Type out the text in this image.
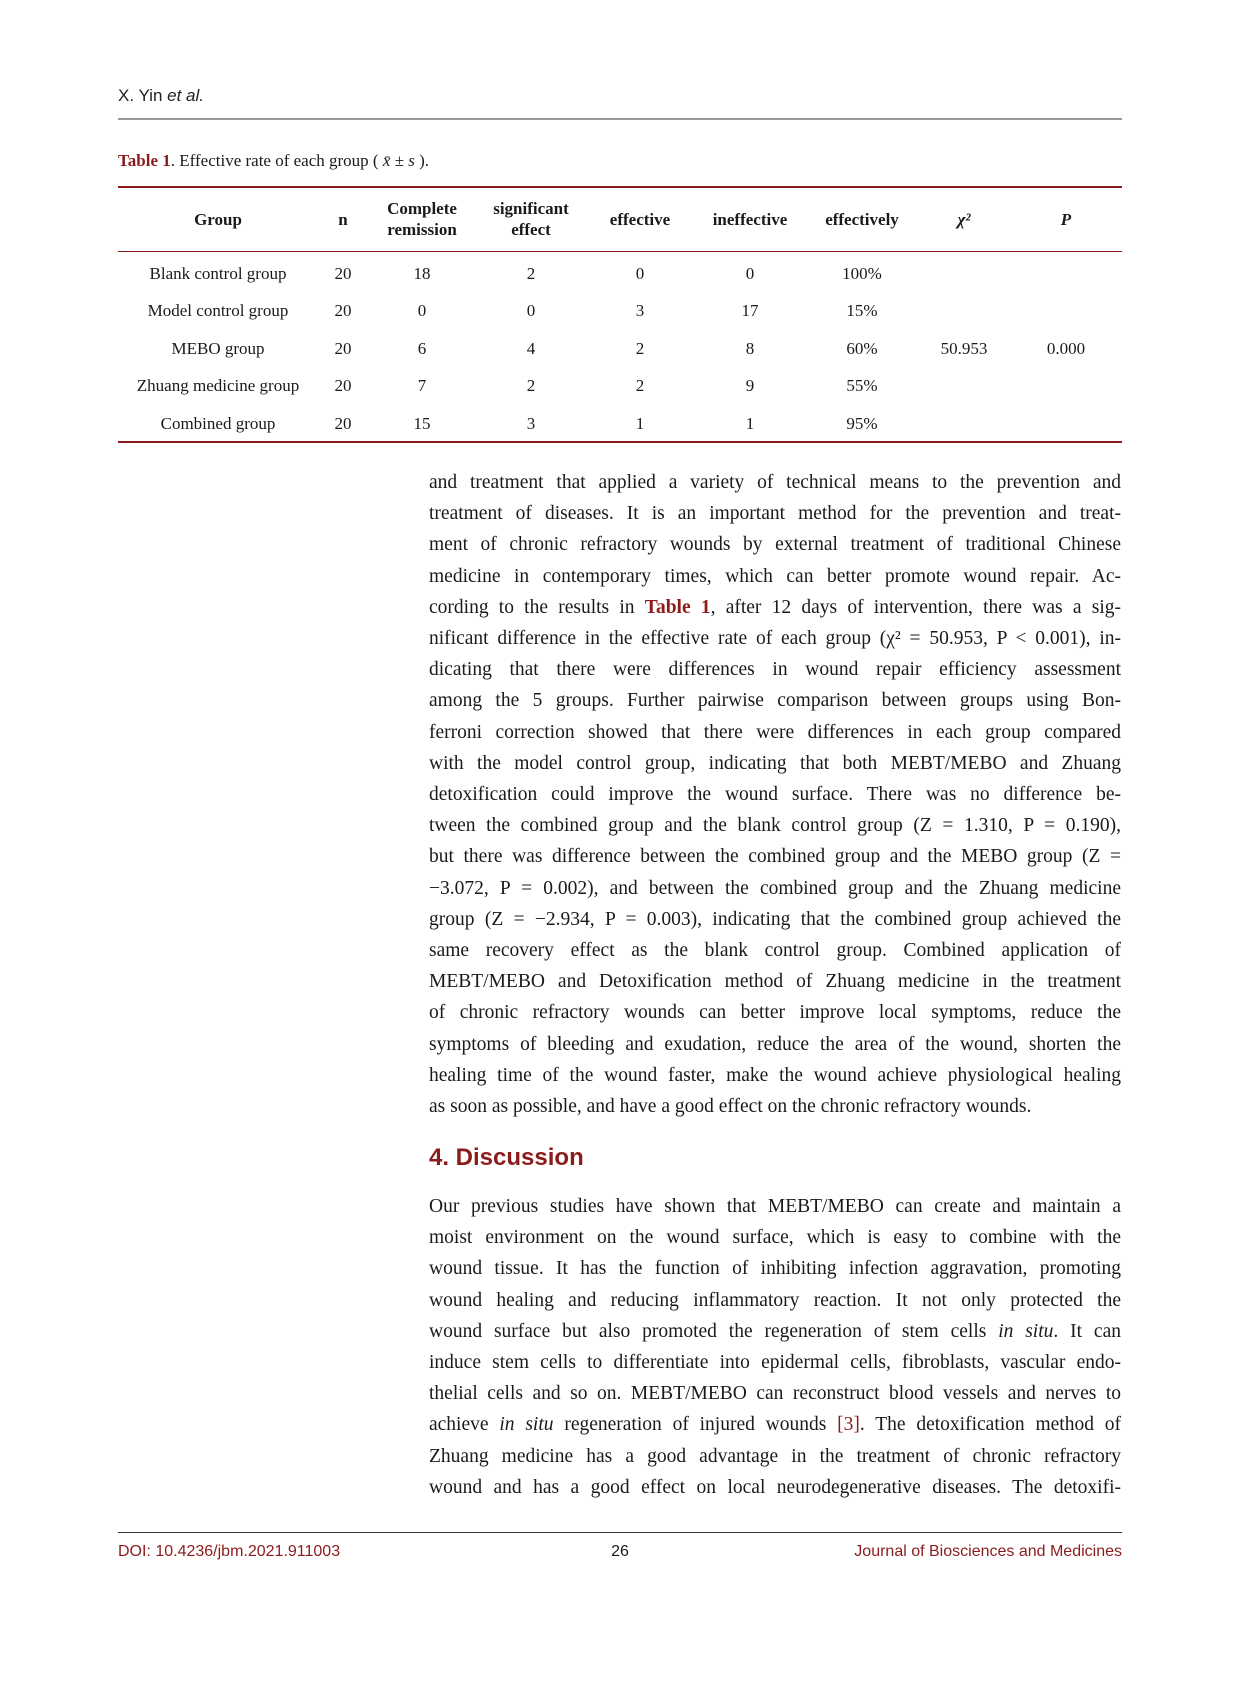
X. Yin et al.
Table 1. Effective rate of each group ( x̄ ± s ).
Group	n	Complete remission	significant effect	effective	ineffective	effectively	χ²	P
Blank control group	20	18	2	0	0	100%		
Model control group	20	0	0	3	17	15%		
MEBO group	20	6	4	2	8	60%	50.953	0.000
Zhuang medicine group	20	7	2	2	9	55%		
Combined group	20	15	3	1	1	95%		
and treatment that applied a variety of technical means to the prevention and
treatment of diseases. It is an important method for the prevention and treat-
ment of chronic refractory wounds by external treatment of traditional Chinese
medicine in contemporary times, which can better promote wound repair. Ac-
cording to the results in Table 1, after 12 days of intervention, there was a sig-
nificant difference in the effective rate of each group (χ² = 50.953, P < 0.001), in-
dicating that there were differences in wound repair efficiency assessment
among the 5 groups. Further pairwise comparison between groups using Bon-
ferroni correction showed that there were differences in each group compared
with the model control group, indicating that both MEBT/MEBO and Zhuang
detoxification could improve the wound surface. There was no difference be-
tween the combined group and the blank control group (Z = 1.310, P = 0.190),
but there was difference between the combined group and the MEBO group (Z =
−3.072, P = 0.002), and between the combined group and the Zhuang medicine
group (Z = −2.934, P = 0.003), indicating that the combined group achieved the
same recovery effect as the blank control group. Combined application of
MEBT/MEBO and Detoxification method of Zhuang medicine in the treatment
of chronic refractory wounds can better improve local symptoms, reduce the
symptoms of bleeding and exudation, reduce the area of the wound, shorten the
healing time of the wound faster, make the wound achieve physiological healing
as soon as possible, and have a good effect on the chronic refractory wounds.
4. Discussion
Our previous studies have shown that MEBT/MEBO can create and maintain a
moist environment on the wound surface, which is easy to combine with the
wound tissue. It has the function of inhibiting infection aggravation, promoting
wound healing and reducing inflammatory reaction. It not only protected the
wound surface but also promoted the regeneration of stem cells in situ. It can
induce stem cells to differentiate into epidermal cells, fibroblasts, vascular endo-
thelial cells and so on. MEBT/MEBO can reconstruct blood vessels and nerves to
achieve in situ regeneration of injured wounds [3]. The detoxification method of
Zhuang medicine has a good advantage in the treatment of chronic refractory
wound and has a good effect on local neurodegenerative diseases. The detoxifi-
DOI: 10.4236/jbm.2021.911003	26	Journal of Biosciences and Medicines
